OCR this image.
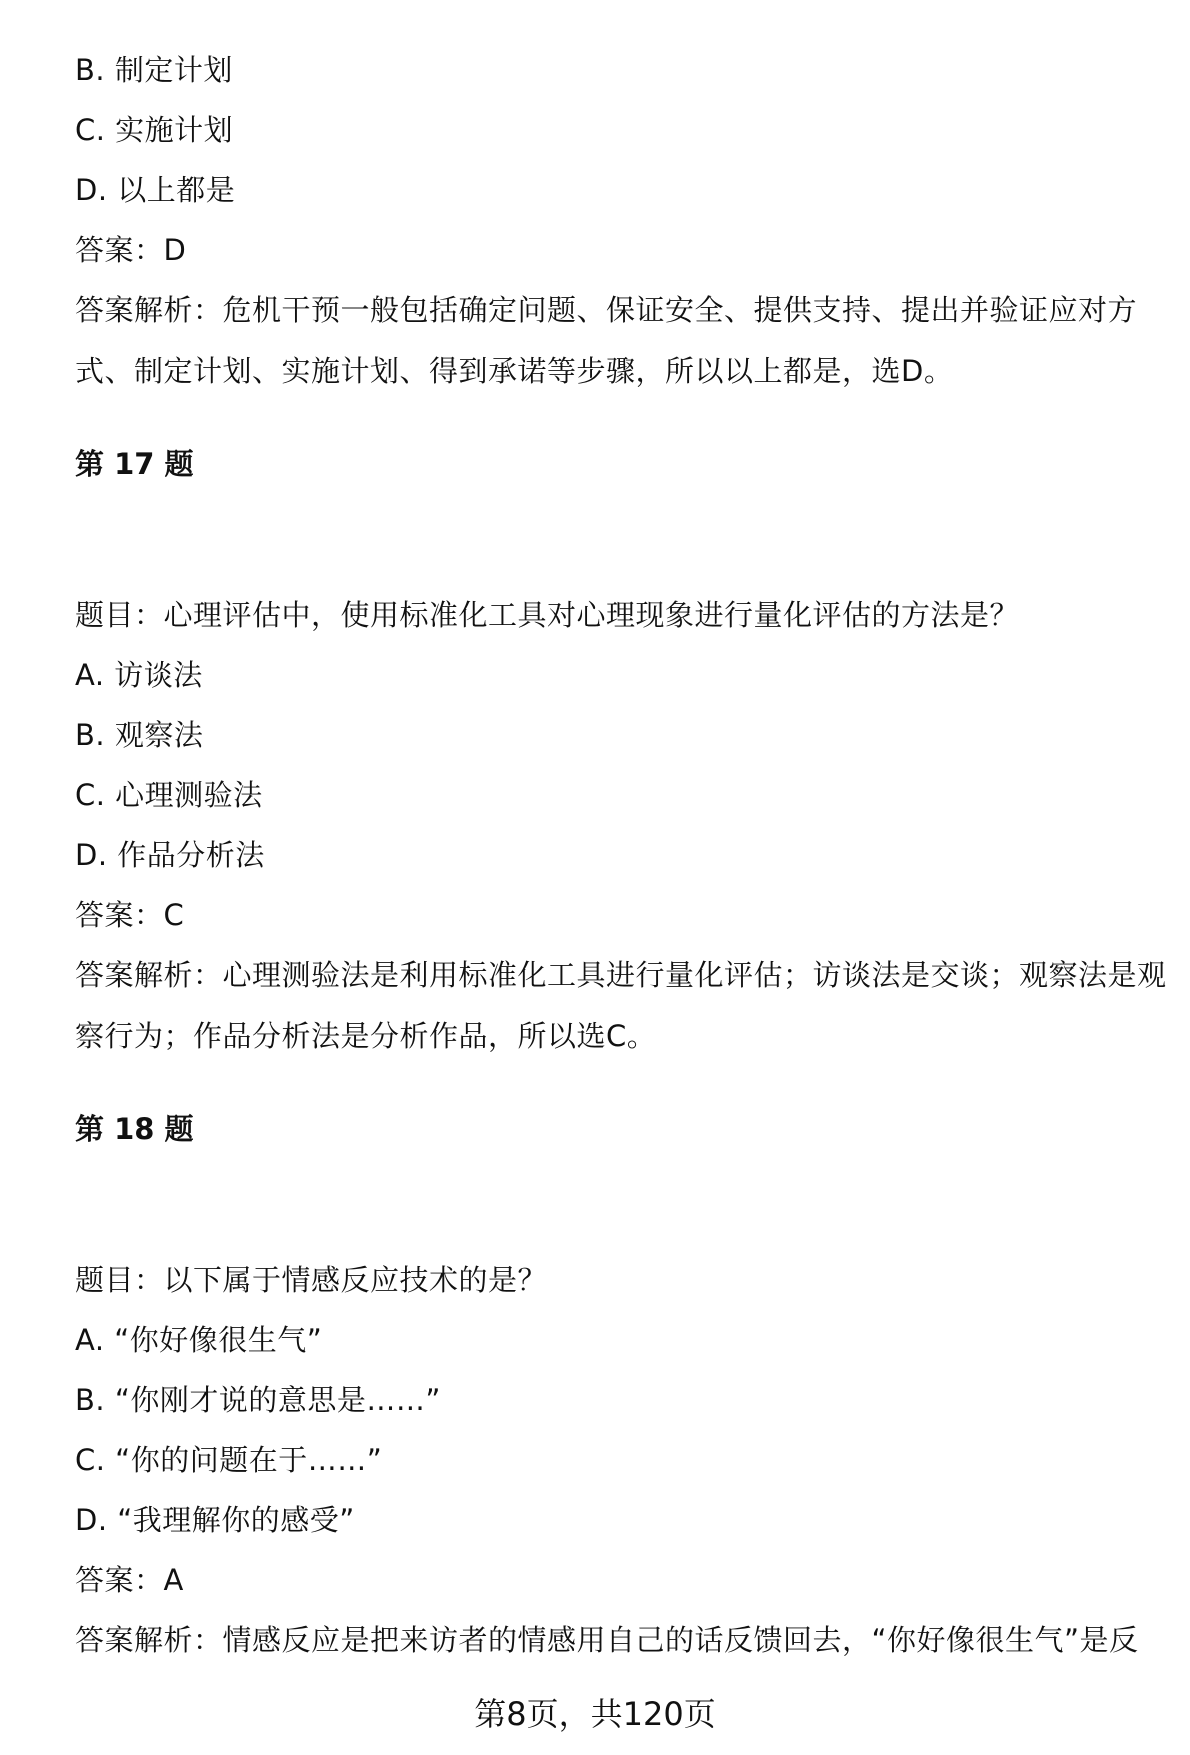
B. 制定计划
C. 实施计划
D. 以上都是
答案：D
答案解析：危机干预一般包括确定问题、保证安全、提供支持、提出并验证应对方式、制定计划、实施计划、得到承诺等步骤，所以以上都是，选D。
第 17 题
题目：心理评估中，使用标准化工具对心理现象进行量化评估的方法是？
A. 访谈法
B. 观察法
C. 心理测验法
D. 作品分析法
答案：C
答案解析：心理测验法是利用标准化工具进行量化评估；访谈法是交谈；观察法是观察行为；作品分析法是分析作品，所以选C。
第 18 题
题目：以下属于情感反应技术的是？
A. “你好像很生气”
B. “你刚才说的意思是……”
C. “你的问题在于……”
D. “我理解你的感受”
答案：A
答案解析：情感反应是把来访者的情感用自己的话反馈回去，“你好像很生气”是反
第8页，共120页
